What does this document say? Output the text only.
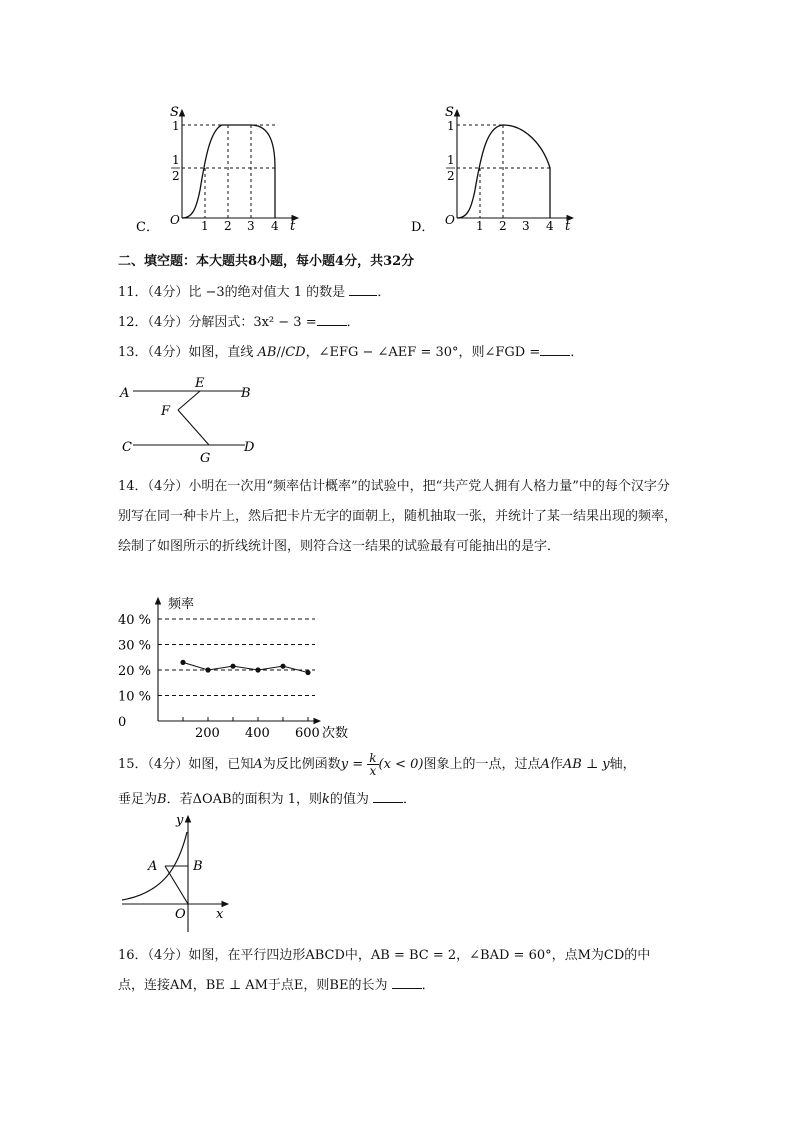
S
1
1
2
O 1 2 3 4 t
C．
S
1
1
2
O 1 2 3 4 t
D．
二、填空题：本大题共8小题，每小题4分，共32分
11．（4分）比 −3的绝对值大 1 的数是 ．
12．（4分）分解因式：3x² − 3 = ．
13．（4分）如图，直线 AB//CD，∠EFG − ∠AEF = 30°，则∠FGD = ．
A	B
E
F
C	D
G
14．（4分）小明在一次用“频率估计概率”的试验中，把“共产党人拥有人格力量”中的每个汉字分别写在同一种卡片上，然后把卡片无字的面朝上，随机抽取一张，并统计了某一结果出现的频率，绘制了如图所示的折线统计图，则符合这一结果的试验最有可能抽出的是字．
0
10 %
20 %
30 %
40 %
200 400 600
频率
次数
15．（4分）如图，已知A为反比例函数$y = \frac{k}{x} (x < 0)$图象上的一点，过点A作AB ⊥ y轴，
垂足为B．若ΔOAB的面积为 1，则k的值为	．
y
x
A	B
O
16．（4分）如图，在平行四边形ABCD中，AB = BC = 2，∠BAD = 60°，点M为CD的中
点，连接AM，BE ⊥ AM于点E，则BE的长为	．
